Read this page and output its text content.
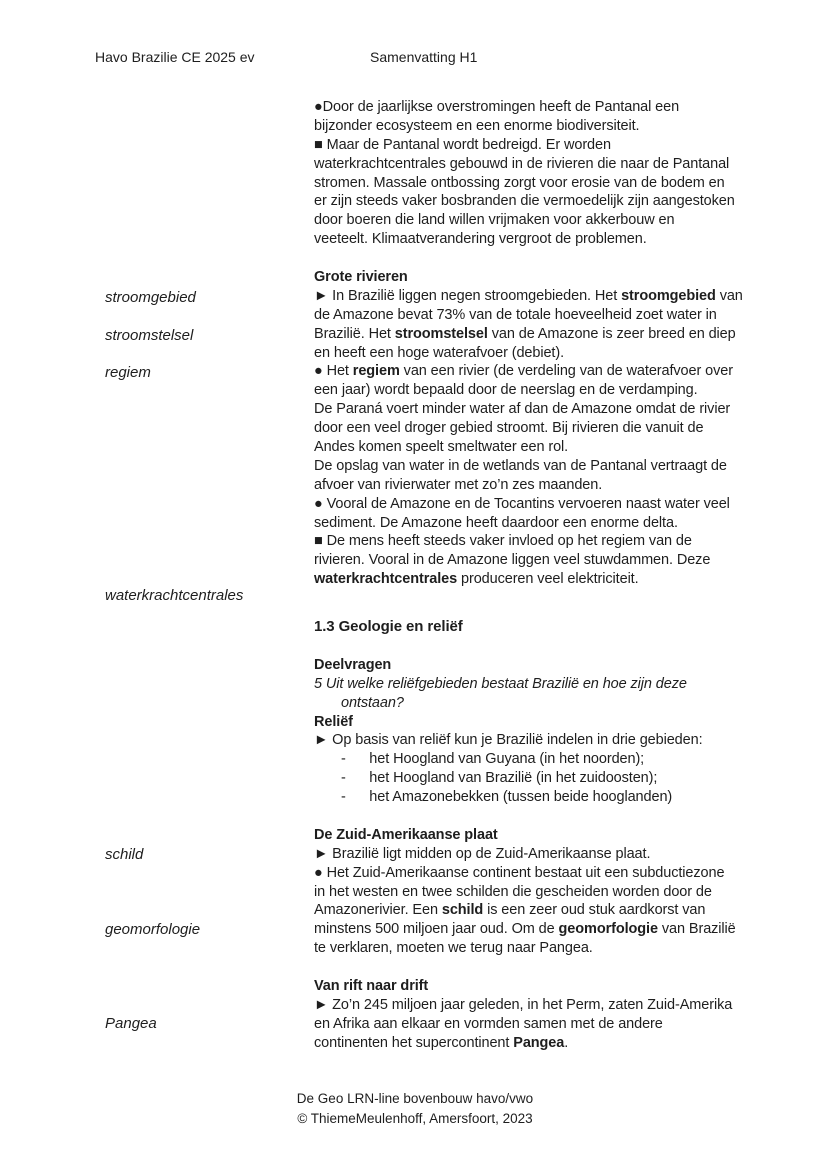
Havo Brazilie CE 2025 ev	Samenvatting H1
stroomgebied
stroomstelsel
regiem
waterkrachtcentrales
schild
geomorfologie
Pangea
●Door de jaarlijkse overstromingen heeft de Pantanal een
bijzonder ecosysteem en een enorme biodiversiteit.
■ Maar de Pantanal wordt bedreigd. Er worden
waterkrachtcentrales gebouwd in de rivieren die naar de Pantanal
stromen. Massale ontbossing zorgt voor erosie van de bodem en
er zijn steeds vaker bosbranden die vermoedelijk zijn aangestoken
door boeren die land willen vrijmaken voor akkerbouw en
veeteelt. Klimaatverandering vergroot de problemen.
Grote rivieren
► In Brazilië liggen negen stroomgebieden. Het stroomgebied van
de Amazone bevat 73% van de totale hoeveelheid zoet water in
Brazilië. Het stroomstelsel van de Amazone is zeer breed en diep
en heeft een hoge waterafvoer (debiet).
● Het regiem van een rivier (de verdeling van de waterafvoer over
een jaar) wordt bepaald door de neerslag en de verdamping.
De Paraná voert minder water af dan de Amazone omdat de rivier
door een veel droger gebied stroomt. Bij rivieren die vanuit de
Andes komen speelt smeltwater een rol.
De opslag van water in de wetlands van de Pantanal vertraagt de
afvoer van rivierwater met zo’n zes maanden.
● Vooral de Amazone en de Tocantins vervoeren naast water veel
sediment. De Amazone heeft daardoor een enorme delta.
■ De mens heeft steeds vaker invloed op het regiem van de
rivieren. Vooral in de Amazone liggen veel stuwdammen. Deze
waterkrachtcentrales produceren veel elektriciteit.
1.3 Geologie en reliëf
Deelvragen
5 Uit welke reliëfgebieden bestaat Brazilië en hoe zijn deze
ontstaan?
Reliëf
► Op basis van reliëf kun je Brazilië indelen in drie gebieden:
-      het Hoogland van Guyana (in het noorden);
-      het Hoogland van Brazilië (in het zuidoosten);
-      het Amazonebekken (tussen beide hooglanden)
De Zuid-Amerikaanse plaat
► Brazilië ligt midden op de Zuid-Amerikaanse plaat.
● Het Zuid-Amerikaanse continent bestaat uit een subductiezone
in het westen en twee schilden die gescheiden worden door de
Amazonerivier. Een schild is een zeer oud stuk aardkorst van
minstens 500 miljoen jaar oud. Om de geomorfologie van Brazilië
te verklaren, moeten we terug naar Pangea.
Van rift naar drift
► Zo’n 245 miljoen jaar geleden, in het Perm, zaten Zuid-Amerika
en Afrika aan elkaar en vormden samen met de andere
continenten het supercontinent Pangea.
De Geo LRN-line bovenbouw havo/vwo
© ThiemeMeulenhoff, Amersfoort, 2023
